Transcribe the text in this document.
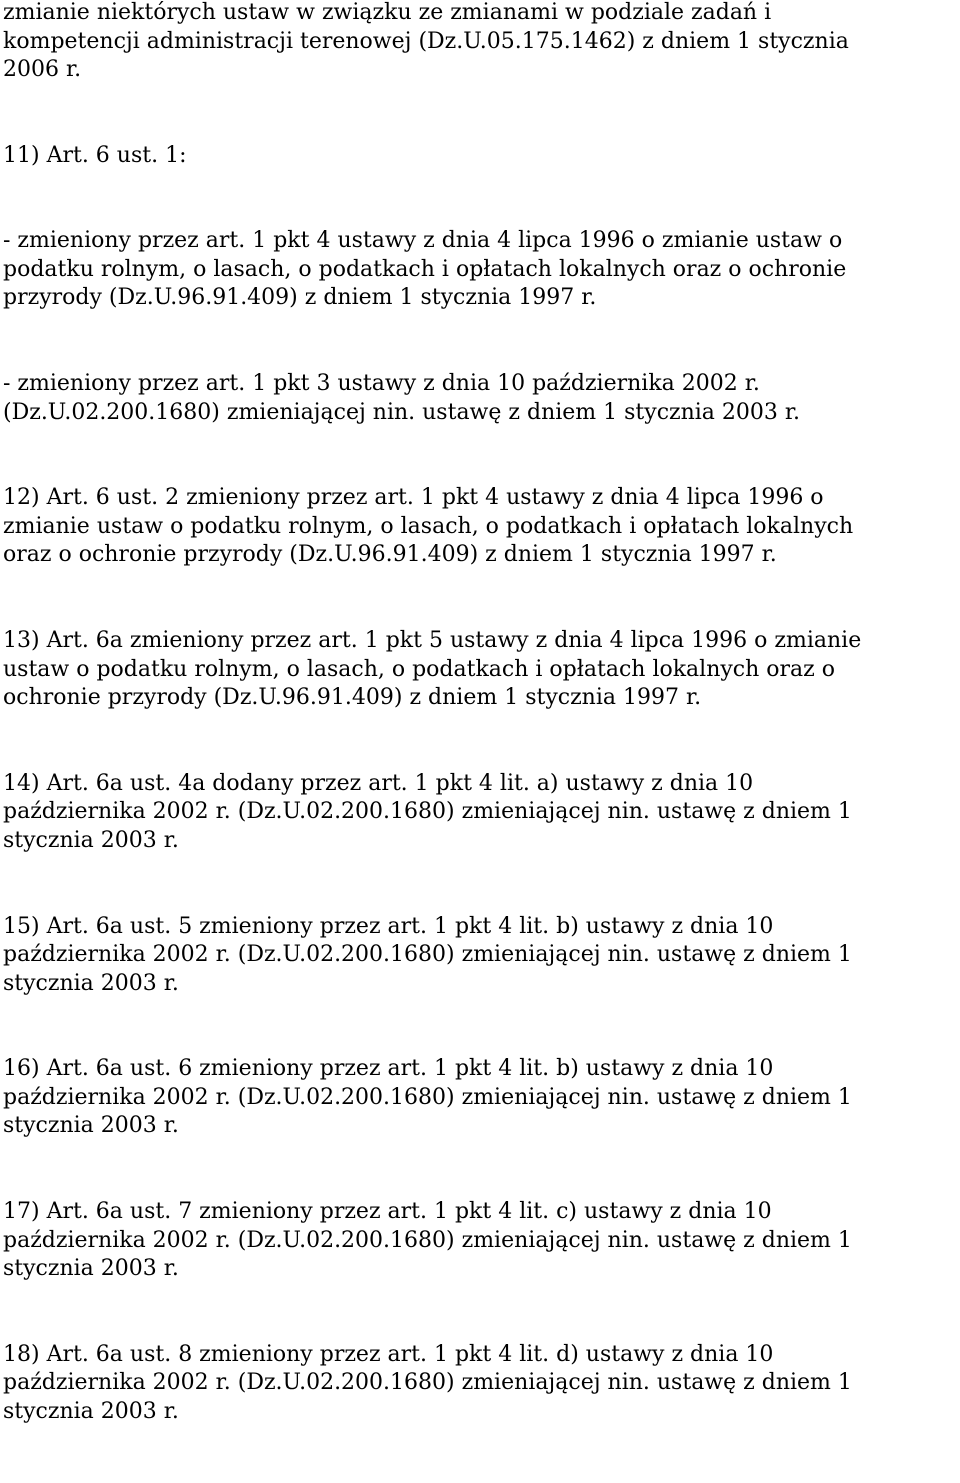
zmianie niektórych ustaw w związku ze zmianami w podziale zadań i
kompetencji administracji terenowej (Dz.U.05.175.1462) z dniem 1 stycznia
2006 r.
11) Art. 6 ust. 1:
- zmieniony przez art. 1 pkt 4 ustawy z dnia 4 lipca 1996 o zmianie ustaw o
podatku rolnym, o lasach, o podatkach i opłatach lokalnych oraz o ochronie
przyrody (Dz.U.96.91.409) z dniem 1 stycznia 1997 r.
- zmieniony przez art. 1 pkt 3 ustawy z dnia 10 października 2002 r.
(Dz.U.02.200.1680) zmieniającej nin. ustawę z dniem 1 stycznia 2003 r.
12) Art. 6 ust. 2 zmieniony przez art. 1 pkt 4 ustawy z dnia 4 lipca 1996 o
zmianie ustaw o podatku rolnym, o lasach, o podatkach i opłatach lokalnych
oraz o ochronie przyrody (Dz.U.96.91.409) z dniem 1 stycznia 1997 r.
13) Art. 6a zmieniony przez art. 1 pkt 5 ustawy z dnia 4 lipca 1996 o zmianie
ustaw o podatku rolnym, o lasach, o podatkach i opłatach lokalnych oraz o
ochronie przyrody (Dz.U.96.91.409) z dniem 1 stycznia 1997 r.
14) Art. 6a ust. 4a dodany przez art. 1 pkt 4 lit. a) ustawy z dnia 10
października 2002 r. (Dz.U.02.200.1680) zmieniającej nin. ustawę z dniem 1
stycznia 2003 r.
15) Art. 6a ust. 5 zmieniony przez art. 1 pkt 4 lit. b) ustawy z dnia 10
października 2002 r. (Dz.U.02.200.1680) zmieniającej nin. ustawę z dniem 1
stycznia 2003 r.
16) Art. 6a ust. 6 zmieniony przez art. 1 pkt 4 lit. b) ustawy z dnia 10
października 2002 r. (Dz.U.02.200.1680) zmieniającej nin. ustawę z dniem 1
stycznia 2003 r.
17) Art. 6a ust. 7 zmieniony przez art. 1 pkt 4 lit. c) ustawy z dnia 10
października 2002 r. (Dz.U.02.200.1680) zmieniającej nin. ustawę z dniem 1
stycznia 2003 r.
18) Art. 6a ust. 8 zmieniony przez art. 1 pkt 4 lit. d) ustawy z dnia 10
października 2002 r. (Dz.U.02.200.1680) zmieniającej nin. ustawę z dniem 1
stycznia 2003 r.
